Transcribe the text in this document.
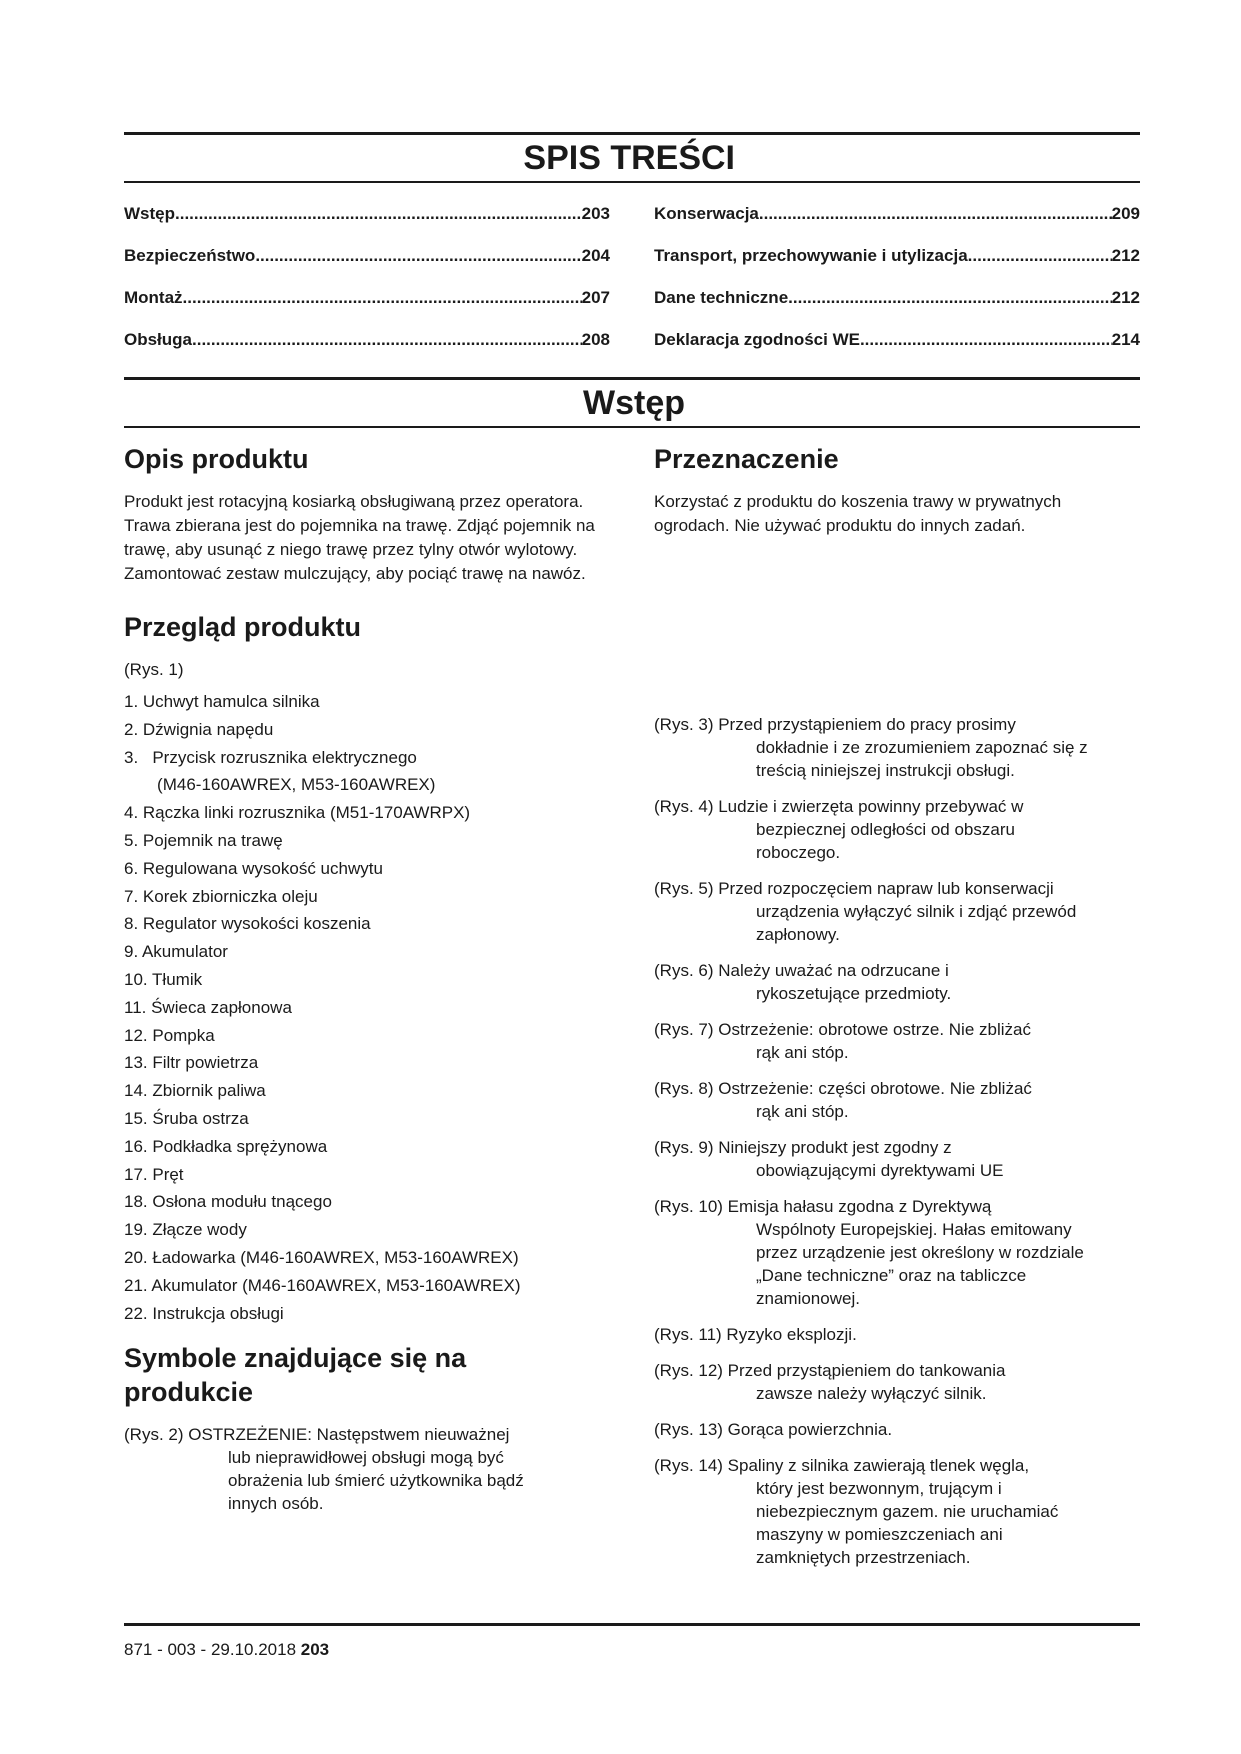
SPIS TREŚCI
Wstęp .....	203
Bezpieczeństwo .....	204
Montaż .....	207
Obsługa .....	208
Konserwacja .....	209
Transport, przechowywanie i utylizacja .....	212
Dane techniczne .....	212
Deklaracja zgodności WE .....	214
Wstęp
Opis produktu

Produkt jest rotacyjną kosiarką obsługiwaną przez operatora. Trawa zbierana jest do pojemnika na trawę. Zdjąć pojemnik na trawę, aby usunąć z niego trawę przez tylny otwór wylotowy. Zamontować zestaw mulczujący, aby pociąć trawę na nawóz.

Przegląd produktu
(Rys. 1)
1. Uchwyt hamulca silnika
2. Dźwignia napędu
3.   Przycisk rozrusznika elektrycznego
(M46-160AWREX, M53-160AWREX)
4. Rączka linki rozrusznika (M51-170AWRPX)
5. Pojemnik na trawę
6. Regulowana wysokość uchwytu
7. Korek zbiorniczka oleju
8. Regulator wysokości koszenia
9. Akumulator
10. Tłumik
11. Świeca zapłonowa
12. Pompka
13. Filtr powietrza
14. Zbiornik paliwa
15. Śruba ostrza
16. Podkładka sprężynowa
17. Pręt
18. Osłona modułu tnącego
19. Złącze wody
20. Ładowarka (M46-160AWREX, M53-160AWREX)
21. Akumulator (M46-160AWREX, M53-160AWREX)
22. Instrukcja obsługi
Symbole znajdujące się na
produkcie
(Rys. 2) OSTRZEŻENIE: Następstwem nieuważnej
lub nieprawidłowej obsługi mogą być
obrażenia lub śmierć użytkownika bądź
innych osób.
Przeznaczenie

Korzystać z produktu do koszenia trawy w prywatnych ogrodach. Nie używać produktu do innych zadań.

(Rys. 3) Przed przystąpieniem do pracy prosimy
dokładnie i ze zrozumieniem zapoznać się z
treścią niniejszej instrukcji obsługi.
(Rys. 4) Ludzie i zwierzęta powinny przebywać w
bezpiecznej odległości od obszaru
roboczego.
(Rys. 5) Przed rozpoczęciem napraw lub konserwacji
urządzenia wyłączyć silnik i zdjąć przewód
zapłonowy.
(Rys. 6) Należy uważać na odrzucane i
rykoszetujące przedmioty.
(Rys. 7) Ostrzeżenie: obrotowe ostrze. Nie zbliżać
rąk ani stóp.
(Rys. 8) Ostrzeżenie: części obrotowe. Nie zbliżać
rąk ani stóp.
(Rys. 9) Niniejszy produkt jest zgodny z
obowiązującymi dyrektywami UE
(Rys. 10) Emisja hałasu zgodna z Dyrektywą
Wspólnoty Europejskiej. Hałas emitowany
przez urządzenie jest określony w rozdziale
„Dane techniczne” oraz na tabliczce
znamionowej.
(Rys. 11) Ryzyko eksplozji.
(Rys. 12) Przed przystąpieniem do tankowania
zawsze należy wyłączyć silnik.
(Rys. 13) Gorąca powierzchnia.
(Rys. 14) Spaliny z silnika zawierają tlenek węgla,
który jest bezwonnym, trującym i
niebezpiecznym gazem. nie uruchamiać
maszyny w pomieszczeniach ani
zamkniętych przestrzeniach.
871 - 003 - 29.10.2018 203
